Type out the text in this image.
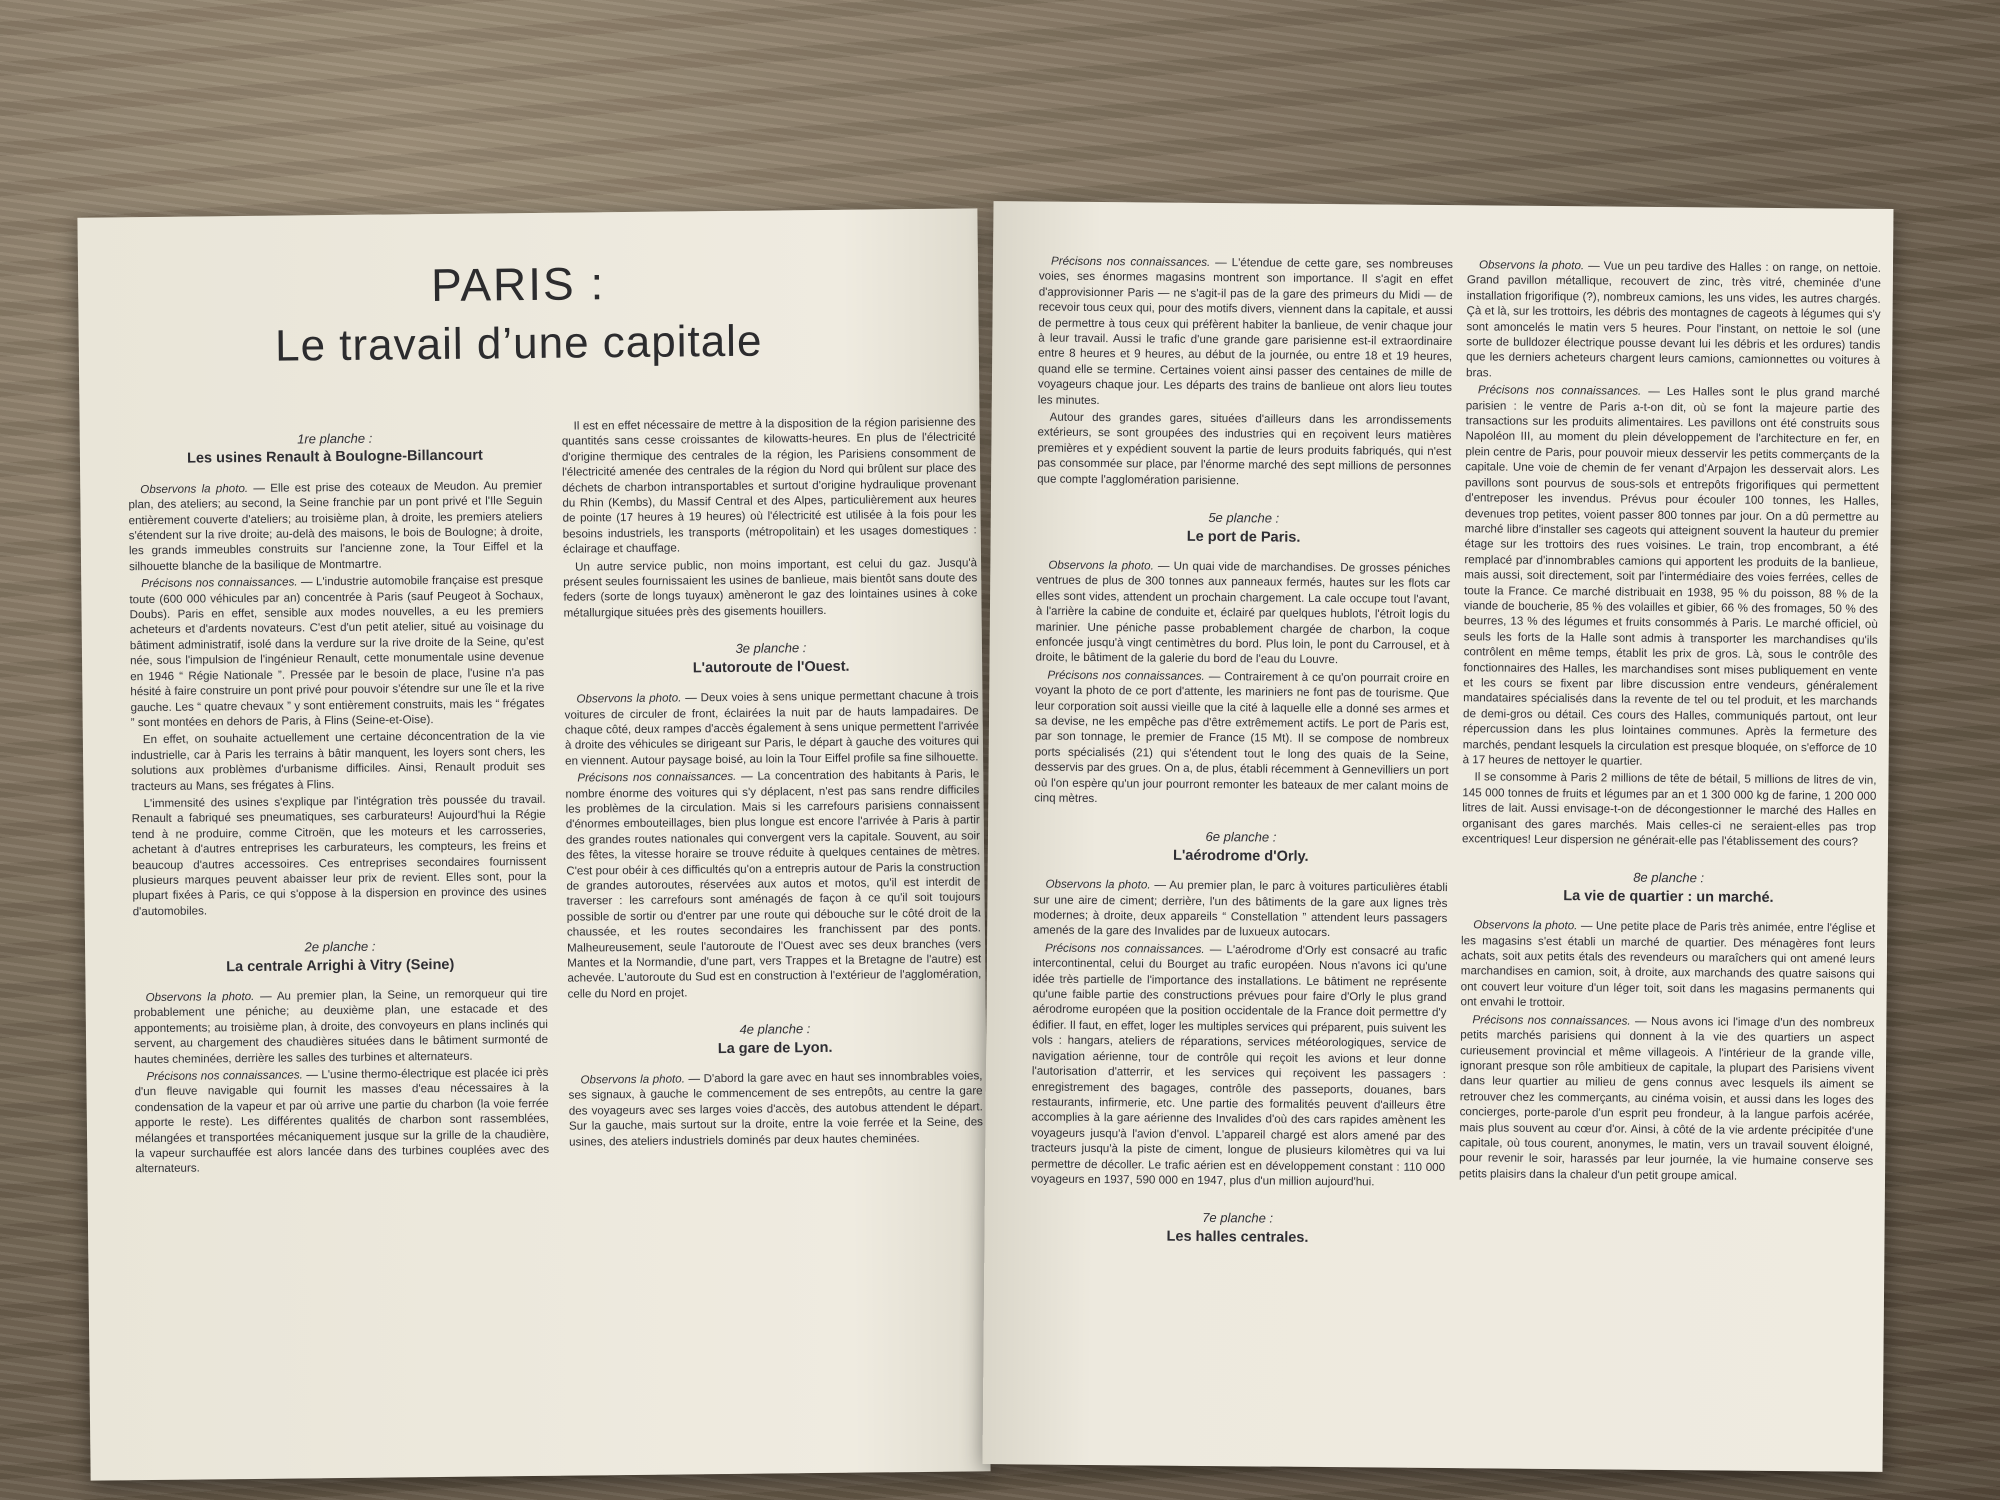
PARIS :
Le travail d’une capitale
1re planche :
Les usines Renault à Boulogne-Billancourt

Observons la photo. — Elle est prise des coteaux de Meudon. Au premier plan, des ateliers; au second, la Seine franchie par un pont privé et l'Ile Seguin entièrement couverte d'ateliers; au troisième plan, à droite, les premiers ateliers s'étendent sur la rive droite; au-delà des maisons, le bois de Boulogne; à droite, les grands immeubles construits sur l'ancienne zone, la Tour Eiffel et la silhouette blanche de la basilique de Montmartre.

Précisons nos connaissances. — L'industrie automobile française est presque toute (600 000 véhicules par an) concentrée à Paris (sauf Peugeot à Sochaux, Doubs). Paris en effet, sensible aux modes nouvelles, a eu les premiers acheteurs et d'ardents novateurs. C'est d'un petit atelier, situé au voisinage du bâtiment administratif, isolé dans la verdure sur la rive droite de la Seine, qu'est née, sous l'impulsion de l'ingénieur Renault, cette monumentale usine devenue en 1946 “ Régie Nationale ”. Pressée par le besoin de place, l'usine n'a pas hésité à faire construire un pont privé pour pouvoir s'étendre sur une île et la rive gauche. Les “ quatre chevaux ” y sont entièrement construits, mais les “ frégates ” sont montées en dehors de Paris, à Flins (Seine-et-Oise).

En effet, on souhaite actuellement une certaine déconcentration de la vie industrielle, car à Paris les terrains à bâtir manquent, les loyers sont chers, les solutions aux problèmes d'urbanisme difficiles. Ainsi, Renault produit ses tracteurs au Mans, ses frégates à Flins.

L'immensité des usines s'explique par l'intégration très poussée du travail. Renault a fabriqué ses pneumatiques, ses carburateurs! Aujourd'hui la Régie tend à ne produire, comme Citroën, que les moteurs et les carrosseries, achetant à d'autres entreprises les carburateurs, les compteurs, les freins et beaucoup d'autres accessoires. Ces entreprises secondaires fournissent plusieurs marques peuvent abaisser leur prix de revient. Elles sont, pour la plupart fixées à Paris, ce qui s'oppose à la dispersion en province des usines d'automobiles.

2e planche :
La centrale Arrighi à Vitry (Seine)

Observons la photo. — Au premier plan, la Seine, un remorqueur qui tire probablement une péniche; au deuxième plan, une estacade et des appontements; au troisième plan, à droite, des convoyeurs en plans inclinés qui servent, au chargement des chaudières situées dans le bâtiment surmonté de hautes cheminées, derrière les salles des turbines et alternateurs.

Précisons nos connaissances. — L'usine thermo-électrique est placée ici près d'un fleuve navigable qui fournit les masses d'eau nécessaires à la condensation de la vapeur et par où arrive une partie du charbon (la voie ferrée apporte le reste). Les différentes qualités de charbon sont rassemblées, mélangées et transportées mécaniquement jusque sur la grille de la chaudière, la vapeur surchauffée est alors lancée dans des turbines couplées avec des alternateurs.

Il est en effet nécessaire de mettre à la disposition de la région parisienne des quantités sans cesse croissantes de kilowatts-heures. En plus de l'électricité d'origine thermique des centrales de la région, les Parisiens consomment de l'électricité amenée des centrales de la région du Nord qui brûlent sur place des déchets de charbon intransportables et surtout d'origine hydraulique provenant du Rhin (Kembs), du Massif Central et des Alpes, particulièrement aux heures de pointe (17 heures à 19 heures) où l'électricité est utilisée à la fois pour les besoins industriels, les transports (métropolitain) et les usages domestiques : éclairage et chauffage.

Un autre service public, non moins important, est celui du gaz. Jusqu'à présent seules fournissaient les usines de banlieue, mais bientôt sans doute des feders (sorte de longs tuyaux) amèneront le gaz des lointaines usines à coke métallurgique situées près des gisements houillers.

3e planche :
L'autoroute de l'Ouest.

Observons la photo. — Deux voies à sens unique permettant chacune à trois voitures de circuler de front, éclairées la nuit par de hauts lampadaires. De chaque côté, deux rampes d'accès également à sens unique permettent l'arrivée à droite des véhicules se dirigeant sur Paris, le départ à gauche des voitures qui en viennent. Autour paysage boisé, au loin la Tour Eiffel profile sa fine silhouette.

Précisons nos connaissances. — La concentration des habitants à Paris, le nombre énorme des voitures qui s'y déplacent, n'est pas sans rendre difficiles les problèmes de la circulation. Mais si les carrefours parisiens connaissent d'énormes embouteillages, bien plus longue est encore l'arrivée à Paris à partir des grandes routes nationales qui convergent vers la capitale. Souvent, au soir des fêtes, la vitesse horaire se trouve réduite à quelques centaines de mètres. C'est pour obéir à ces difficultés qu'on a entrepris autour de Paris la construction de grandes autoroutes, réservées aux autos et motos, qu'il est interdit de traverser : les carrefours sont aménagés de façon à ce qu'il soit toujours possible de sortir ou d'entrer par une route qui débouche sur le côté droit de la chaussée, et les routes secondaires les franchissent par des ponts. Malheureusement, seule l'autoroute de l'Ouest avec ses deux branches (vers Mantes et la Normandie, d'une part, vers Trappes et la Bretagne de l'autre) est achevée. L'autoroute du Sud est en construction à l'extérieur de l'agglomération, celle du Nord en projet.

4e planche :
La gare de Lyon.

Observons la photo. — D'abord la gare avec en haut ses innombrables voies, ses signaux, à gauche le commencement de ses entrepôts, au centre la gare des voyageurs avec ses larges voies d'accès, des autobus attendent le départ. Sur la gauche, mais surtout sur la droite, entre la voie ferrée et la Seine, des usines, des ateliers industriels dominés par deux hautes cheminées.

Précisons nos connaissances. — L'étendue de cette gare, ses nombreuses voies, ses énormes magasins montrent son importance. Il s'agit en effet d'approvisionner Paris — ne s'agit-il pas de la gare des primeurs du Midi — de recevoir tous ceux qui, pour des motifs divers, viennent dans la capitale, et aussi de permettre à tous ceux qui préfèrent habiter la banlieue, de venir chaque jour à leur travail. Aussi le trafic d'une grande gare parisienne est-il extraordinaire entre 8 heures et 9 heures, au début de la journée, ou entre 18 et 19 heures, quand elle se termine. Certaines voient ainsi passer des centaines de mille de voyageurs chaque jour. Les départs des trains de banlieue ont alors lieu toutes les minutes.

Autour des grandes gares, situées d'ailleurs dans les arrondissements extérieurs, se sont groupées des industries qui en reçoivent leurs matières premières et y expédient souvent la partie de leurs produits fabriqués, qui n'est pas consommée sur place, par l'énorme marché des sept millions de personnes que compte l'agglomération parisienne.

5e planche :
Le port de Paris.

Observons la photo. — Un quai vide de marchandises. De grosses péniches ventrues de plus de 300 tonnes aux panneaux fermés, hautes sur les flots car elles sont vides, attendent un prochain chargement. La cale occupe tout l'avant, à l'arrière la cabine de conduite et, éclairé par quelques hublots, l'étroit logis du marinier. Une péniche passe probablement chargée de charbon, la coque enfoncée jusqu'à vingt centimètres du bord. Plus loin, le pont du Carrousel, et à droite, le bâtiment de la galerie du bord de l'eau du Louvre.

Précisons nos connaissances. — Contrairement à ce qu'on pourrait croire en voyant la photo de ce port d'attente, les mariniers ne font pas de tourisme. Que leur corporation soit aussi vieille que la cité à laquelle elle a donné ses armes et sa devise, ne les empêche pas d'être extrêmement actifs. Le port de Paris est, par son tonnage, le premier de France (15 Mt). Il se compose de nombreux ports spécialisés (21) qui s'étendent tout le long des quais de la Seine, desservis par des grues. On a, de plus, établi récemment à Gennevilliers un port où l'on espère qu'un jour pourront remonter les bateaux de mer calant moins de cinq mètres.

6e planche :
L'aérodrome d'Orly.

Observons la photo. — Au premier plan, le parc à voitures particulières établi sur une aire de ciment; derrière, l'un des bâtiments de la gare aux lignes très modernes; à droite, deux appareils “ Constellation ” attendent leurs passagers amenés de la gare des Invalides par de luxueux autocars.

Précisons nos connaissances. — L'aérodrome d'Orly est consacré au trafic intercontinental, celui du Bourget au trafic européen. Nous n'avons ici qu'une idée très partielle de l'importance des installations. Le bâtiment ne représente qu'une faible partie des constructions prévues pour faire d'Orly le plus grand aérodrome européen que la position occidentale de la France doit permettre d'y édifier. Il faut, en effet, loger les multiples services qui préparent, puis suivent les vols : hangars, ateliers de réparations, services météorologiques, service de navigation aérienne, tour de contrôle qui reçoit les avions et leur donne l'autorisation d'atterrir, et les services qui reçoivent les passagers : enregistrement des bagages, contrôle des passeports, douanes, bars restaurants, infirmerie, etc. Une partie des formalités peuvent d'ailleurs être accomplies à la gare aérienne des Invalides d'où des cars rapides amènent les voyageurs jusqu'à l'avion d'envol. L'appareil chargé est alors amené par des tracteurs jusqu'à la piste de ciment, longue de plusieurs kilomètres qui va lui permettre de décoller. Le trafic aérien est en développement constant : 110 000 voyageurs en 1937, 590 000 en 1947, plus d'un million aujourd'hui.

7e planche :
Les halles centrales.

Observons la photo. — Vue un peu tardive des Halles : on range, on nettoie. Grand pavillon métallique, recouvert de zinc, très vitré, cheminée d'une installation frigorifique (?), nombreux camions, les uns vides, les autres chargés. Çà et là, sur les trottoirs, les débris des montagnes de cageots à légumes qui s'y sont amoncelés le matin vers 5 heures. Pour l'instant, on nettoie le sol (une sorte de bulldozer électrique pousse devant lui les débris et les ordures) tandis que les derniers acheteurs chargent leurs camions, camionnettes ou voitures à bras.

Précisons nos connaissances. — Les Halles sont le plus grand marché parisien : le ventre de Paris a-t-on dit, où se font la majeure partie des transactions sur les produits alimentaires. Les pavillons ont été construits sous Napoléon III, au moment du plein développement de l'architecture en fer, en plein centre de Paris, pour pouvoir mieux desservir les petits commerçants de la capitale. Une voie de chemin de fer venant d'Arpajon les desservait alors. Les pavillons sont pourvus de sous-sols et entrepôts frigorifiques qui permettent d'entreposer les invendus. Prévus pour écouler 100 tonnes, les Halles, devenues trop petites, voient passer 800 tonnes par jour. On a dû permettre au marché libre d'installer ses cageots qui atteignent souvent la hauteur du premier étage sur les trottoirs des rues voisines. Le train, trop encombrant, a été remplacé par d'innombrables camions qui apportent les produits de la banlieue, mais aussi, soit directement, soit par l'intermédiaire des voies ferrées, celles de toute la France. Ce marché distribuait en 1938, 95 % du poisson, 88 % de la viande de boucherie, 85 % des volailles et gibier, 66 % des fromages, 50 % des beurres, 13 % des légumes et fruits consommés à Paris. Le marché officiel, où seuls les forts de la Halle sont admis à transporter les marchandises qu'ils contrôlent en même temps, établit les prix de gros. Là, sous le contrôle des fonctionnaires des Halles, les marchandises sont mises publiquement en vente et les cours se fixent par libre discussion entre vendeurs, généralement mandataires spécialisés dans la revente de tel ou tel produit, et les marchands de demi-gros ou détail. Ces cours des Halles, communiqués partout, ont leur répercussion dans les plus lointaines communes. Après la fermeture des marchés, pendant lesquels la circulation est presque bloquée, on s'efforce de 10 à 17 heures de nettoyer le quartier.

Il se consomme à Paris 2 millions de tête de bétail, 5 millions de litres de vin, 145 000 tonnes de fruits et légumes par an et 1 300 000 kg de farine, 1 200 000 litres de lait. Aussi envisage-t-on de décongestionner le marché des Halles en organisant des gares marchés. Mais celles-ci ne seraient-elles pas trop excentriques! Leur dispersion ne générait-elle pas l'établissement des cours?

8e planche :
La vie de quartier : un marché.

Observons la photo. — Une petite place de Paris très animée, entre l'église et les magasins s'est établi un marché de quartier. Des ménagères font leurs achats, soit aux petits étals des revendeurs ou maraîchers qui ont amené leurs marchandises en camion, soit, à droite, aux marchands des quatre saisons qui ont couvert leur voiture d'un léger toit, soit dans les magasins permanents qui ont envahi le trottoir.

Précisons nos connaissances. — Nous avons ici l'image d'un des nombreux petits marchés parisiens qui donnent à la vie des quartiers un aspect curieusement provincial et même villageois. A l'intérieur de la grande ville, ignorant presque son rôle ambitieux de capitale, la plupart des Parisiens vivent dans leur quartier au milieu de gens connus avec lesquels ils aiment se retrouver chez les commerçants, au cinéma voisin, et aussi dans les loges des concierges, porte-parole d'un esprit peu frondeur, à la langue parfois acérée, mais plus souvent au cœur d'or. Ainsi, à côté de la vie ardente précipitée d'une capitale, où tous courent, anonymes, le matin, vers un travail souvent éloigné, pour revenir le soir, harassés par leur journée, la vie humaine conserve ses petits plaisirs dans la chaleur d'un petit groupe amical.
